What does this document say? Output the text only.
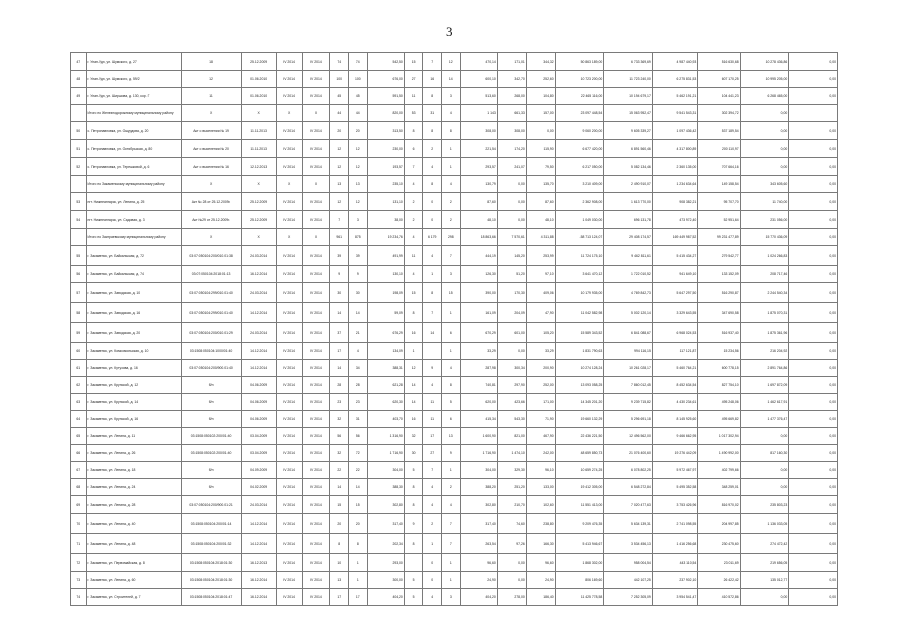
3
47	г. Унан-Удэ, ул. Шумского, д. 27	18	25.12.2009	IV 2014	IV 2014	74	74	542,50	15	7	12	470,14	171,01	344,32	50 863 189,00	6 733 369,69	4 987 440,93	516 630,68	10 278 436,86	0,00
48	г. Улан-Удэ, ул. Шумского, д. 59/2	12	01.06.2010	IV 2014	IV 2014	100	100	676,00	27	16	14	600,10	342,70	252,60	10 723 200,00	11 723 240,00	6 275 831,53	607 170,25	10 995 205,00	0,00
49	г. Улан-Удэ, ул. Ширшова, д. 130, кор. Г	11	01.06.2010	IV 2014	IV 2014	45	45	591,50	11	8	3	513,60	268,00	104,80	22 465 116,00	10 194 679,17	5 462 191,21	104 441,23	6 268 465,00	0,00
	Итого по Железнодорожному муниципальному району	X	X	X	X	44	44	820,00	53	31	4	1 143	661,33	157,00	23 097 448,54	15 063 952,47	9 541 543,31	302 394,72	0,00	
50	с. Петропавловка, ул. Ошурдова, д. 20	Акт о выселении № 19	11.11.2013	IV 2014	IV 2014	20	20	313,50	8	8	8	308,00	308,00	0,00	9 060 200,00	9 605 339,27	1 097 436,42	537 189,54	0,00	0,00
51	с. Петропавловка, ул. Октябрьская, д. 80	Акт о выселении № 20	11.11.2013	IV 2014	IV 2014	12	12	230,00	6	2	1	221,54	174,20	115,90	6 677 420,00	6 891 560,46	4 317 800,89	200 110,97	0,00	0,00
52	с. Петропавловка, ул. Терешковой, д. 6	Акт о выселении № 16	12.12.2013	IV 2014	IV 2014	12	12	193,57	7	4	1	293,57	241,07	79,50	6 217 050,00	5 082 134,46	2 360 135,00	707 664,16	0,00	0,00
	Итого по Закаменскому муниципальному району	X	X	X	X	13	13	235,10	4	8	4	130,79	0,00	135,70	3 210 409,00	2 490 910,07	1 234 634,64	149 158,54	343 605,60	0,00
53	пгт. Нижнеангарск, ул. Ленина, д. 25	Акт № 28 от 25.12.2009г.	25.12.2009	IV 2014	IV 2014	12	12	131,10	2	0	2	87,60	0,00	87,60	2 362 908,00	1 613 770,00	908 382,21	95 707,70	11 740,00	0,00
54	пгт. Нижнеангарск, ул. Садовая, д. 3	Акт №29 от 25.12.2009г.	25.12.2009	IV 2014	IV 2014	7	3	38,00	2	0	2	48,10	0,00	48,10	1 049 030,00	696 131,78	473 972,40	52 951,64	231 056,00	0,00
	Итого по Заиграевскому муниципальному району	X	X	X	X	961	875	19 234,76	4	6 179	298	18 863,66	7 570,61	4 311,88	-58 713 124,07	29 408 174,57	169 449 987,52	99 231 477,89	15 770 436,09	0,00
55	г. Закаменск, ул. Байкальская, д. 72	03:07:050104:200/010.01:38	24.03.2014	IV 2014	IV 2014	39	39	491,99	11	4	7	444,19	145,20	253,99	11 724 175,10	9 462 811,61	5 415 434,27	279 542,77	1 024 266,83	0,00
56	г. Закаменск, ул. Байкальская, д. 74	03:07:050104:2018:01:13	16.12.2014	IV 2014	IV 2014	9	9	130,10	4	1	3	126,30	51,20	97,10	3 641 470,12	1 722 010,52	941 649,10	133 152,09	208 717,46	0,00
57	г. Закаменск, ул. Заводская, д. 10	03:07:050104:299/010.01:40	24.03.2014	IV 2014	IV 2014	30	30	198,09	15	8	15	390,00	170,30	409,06	10 179 935,00	4 769 842,73	5 647 297,50	516 290,87	2 244 540,34	0,00
58	г. Закаменск, ул. Заводская, д. 16	03:07:050104:299/010.01:40	14.12.2014	IV 2014	IV 2014	14	14	59,09	8	7	1	161,09	204,09	47,90	11 042 582,98	5 002 120,14	3 329 643,55	347 690,58	1 875 070,31	0,00
59	г. Закаменск, ул. Заводская, д. 20	03:07:050104:200/010.01:29	24.03.2014	IV 2014	IV 2014	37	21	676,29	16	14	6	670,29	601,00	105,20	15 589 343,52	6 841 088,67	6 968 024,53	516 937,40	1 875 361,96	0,00
60	г. Закаменск, ул. Комсомольская, д. 10	03:1508:050104:1000/01:40	14.12.2014	IV 2014	IV 2014	17	4	134,09	1		1	33,29	0,00	33,29	1 831 790,63	994 116,15	117 121,87	15 234,56	216 204,92	0,00
61	г. Закаменск, ул. Кутузова, д. 16	03:07:050104:200/900.01:40	14.12.2014	IV 2014	IV 2014	14	34	388,31	12	9	4	287,98	300,34	200,90	10 274 128,24	10 261 028,17	5 460 764,21	600 778,15	2 891 764,86	0,00
62	г. Закаменск, ул. Крупской, д. 12	б/н	04.06.2009	IV 2014	IV 2014	28	28	621,28	14	4	8	740,81	297,90	252,00	13 093 058,25	7 860 012,45	8 452 634,54	827 754,10	1 697 872,09	0,00
63	г. Закаменск, ул. Крупской, д. 14	б/н	04.06.2009	IV 2014	IV 2014	23	23	620,30	14	11	5	620,00	423,66	171,00	14 345 201,20	9 239 715,82	4 430 234,61	495 248,06	1 462 617,91	0,00
64	г. Закаменск, ул. Крупской, д. 16	б/н	04.06.2009	IV 2014	IV 2014	32	31	403,70	16	11	6	415,34	543,30	71,90	19 660 132,29	5 296 691,18	8 145 925,60	495 669,82	1 477 376,47	0,00
65	г. Закаменск, ул. Ленина, д. 11	03:1508:050102:200/01:40	03.04.2009	IV 2014	IV 2014	56	56	1 316,90	32	17	13	1 600,90	821,00	467,90	22 436 221,50	12 496 562,00	9 466 662,95	1 017 302,94	0,00	0,00
66	г. Закаменск, ул. Ленина, д. 26	03:1508:050102:200/01:40	03.04.2009	IV 2014	IV 2014	32	72	1 716,90	30	27	9	1 716,90	1 474,10	242,00	48 659 850,73	21 076 400,60	19 276 442,09	1 490 992,00	817 160,30	0,00
67	г. Закаменск, ул. Ленина, д. 18	б/н	04.09.2009	IV 2014	IV 2014	22	22	304,00	5	7	1	304,00	329,30	96,10	10 659 274,25	6 078 802,25	5 972 467,97	402 799,66	0,00	0,00
68	г. Закаменск, ул. Ленина, д. 24	б/н	04.02.2009	IV 2014	IV 2014	14	14	388,30	8	4	2	388,20	251,20	133,00	19 412 305,00	6 548 272,84	5 495 352,58	348 259,01	0,00	0,00
69	г. Закаменск, ул. Ленина, д. 28	03:07:050104:200/900.01:21	24.03.2014	IV 2014	IV 2014	15	15	302,80	8	4	4	302,80	210,70	102,60	11 551 413,00	7 020 477,63	3 753 426,96	816 970,02	235 803,23	0,00
70	г. Закаменск, ул. Ленина, д. 40	03:1508:050104:200/01:14	14.12.2014	IV 2014	IV 2014	20	20	317,40	9	2	7	317,40	74,60	238,80	9 209 476,35	5 634 139,31	2 741 098,55	204 997,85	1 136 033,05	0,00
71	г. Закаменск, ул. Ленина, д. 48	03:1508:050104:200/01:32	14.12.2014	IV 2014	IV 2014	8	8	202,34	8	1	7	263,54	97,26	166,30	5 413 946,67	3 534 456,13	1 416 256,68	230 475,60	274 472,42	0,00
72	г. Закаменск, ул. Первомайская, д. 8	03:1508:050104:2018:01:30	16.12.2013	IV 2014	IV 2014	10	1	293,00		0	1	96,60	0,00	96,60	1 868 302,00	958 004,54	443 110,54	23 011,69	219 656,05	0,00
73	г. Закаменск, ул. Ленина, д. 60	03:1508:050104:2018:01:30	16.12.2014	IV 2014	IV 2014	13	1	300,00	5	0	1	24,90	0,00	24,90	806 169,60	442 107,25	237 902,10	26 422,42	135 012,77	0,00
74	г. Закаменск, ул. Строителей, д. 7	03:1508:050104:2018:01:47	16.12.2014	IV 2014	IV 2014	17	17	404,20	5	4	3	404,20	278,00	186,40	11 425 778,58	7 252 305,09	3 954 541,47	410 572,86	0,00	0,00
